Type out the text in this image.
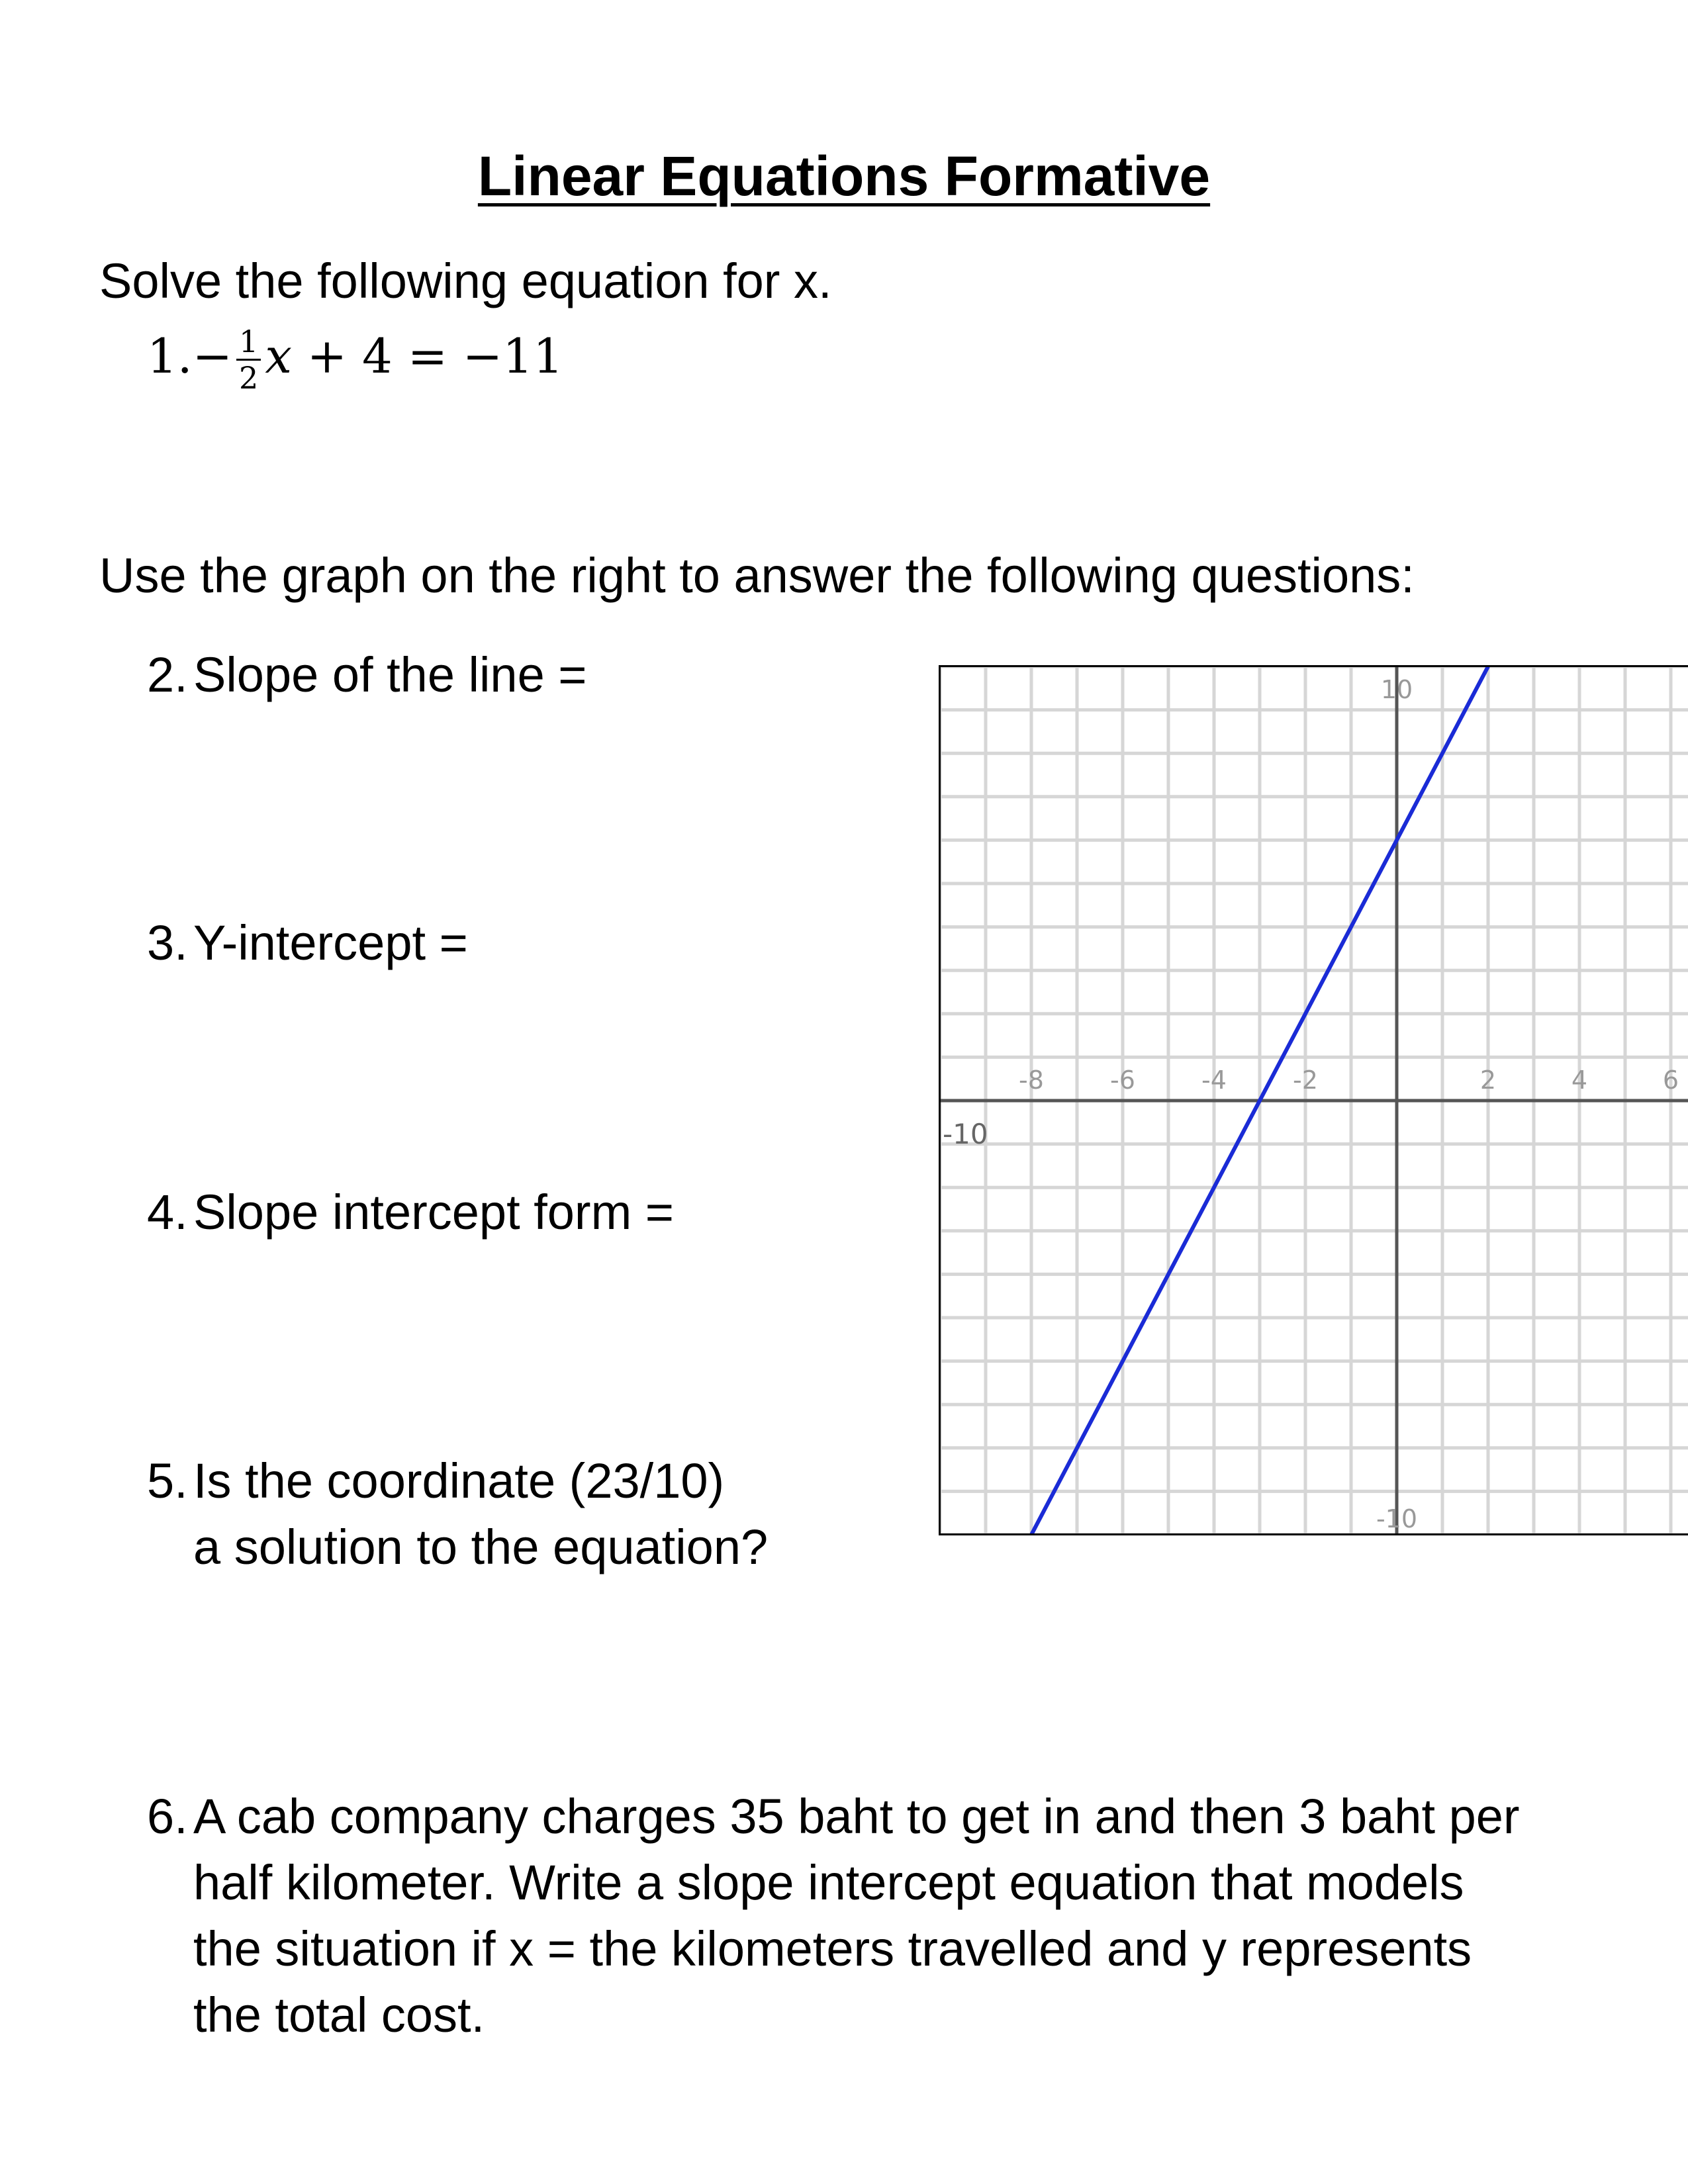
Linear Equations Formative
Solve the following equation for x.
$1.- \frac{1}{2}$ x + 4 = −11
Use the graph on the right to answer the following questions:
2. Slope of the line =
3. Y-intercept =
4. Slope intercept form =
5. Is the coordinate (23/10)
a solution to the equation?
6. A cab company charges 35 baht to get in and then 3 baht per
half kilometer. Write a slope intercept equation that models
the situation if x = the kilometers travelled and y represents
the total cost.
-10
-8	-6	-4	-2	2	4	6
10
-10
